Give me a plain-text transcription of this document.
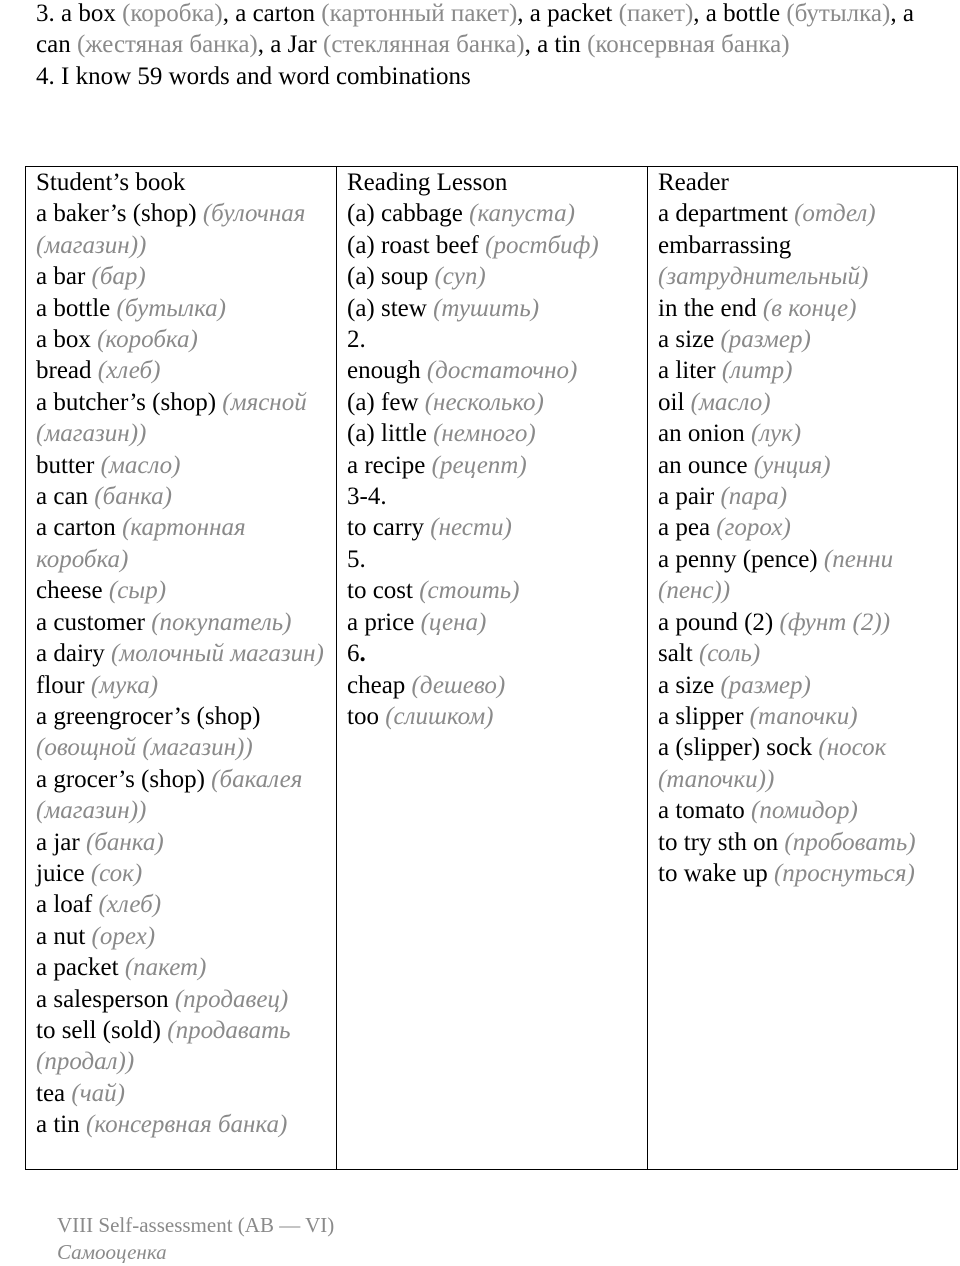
3. a box (коробка), a carton (картонный пакет), a packet (пакет), a bottle (бутылка), a can (жестяная банка), a Jar (стеклянная банка), a tin (консервная банка)

4. I know 59 words and word combinations

Student’s book
a baker’s (shop) (булочная (магазин))
a bar (бар)
a bottle (бутылка)
a box (коробка)
bread (хлеб)
a butcher’s (shop) (мясной (магазин))
butter (масло)
a can (банка)
a carton (картонная коробка)
cheese (сыр)
a customer (покупатель)
a dairy (молочный магазин)
flour (мука)
a greengrocer’s (shop) (овощной (магазин))
a grocer’s (shop) (бакалея (магазин))
a jar (банка)
juice (сок)
a loaf (хлеб)
a nut (орех)
a packet (пакет)
a salesperson (продавец)
to sell (sold) (продавать (продал))
tea (чай)
a tin (консервная банка)

Reading Lesson
(a) cabbage (капуста)
(a) roast beef (ростбиф)
(a) soup (суп)
(a) stew (тушить)
2.
enough (достаточно)
(a) few (несколько)
(a) little (немного)
a recipe (рецепт)
3-4.
to carry (нести)
5.
to cost (стоить)
a price (цена)
6.
cheap (дешево)
too (слишком)

Reader
a department (отдел)
embarrassing (затруднительный)
in the end (в конце)
a size (размер)
a liter (литр)
oil (масло)
an onion (лук)
an ounce (унция)
a pair (пара)
a pea (горох)
a penny (pence) (пенни (пенс))
a pound (2) (фунт (2))
salt (соль)
a size (размер)
a slipper (тапочки)
a (slipper) sock (носок (тапочки))
a tomato (помидор)
to try sth on (пробовать)
to wake up (проснуться)
VIII Self-assessment (AB — VI)
Самооценка
